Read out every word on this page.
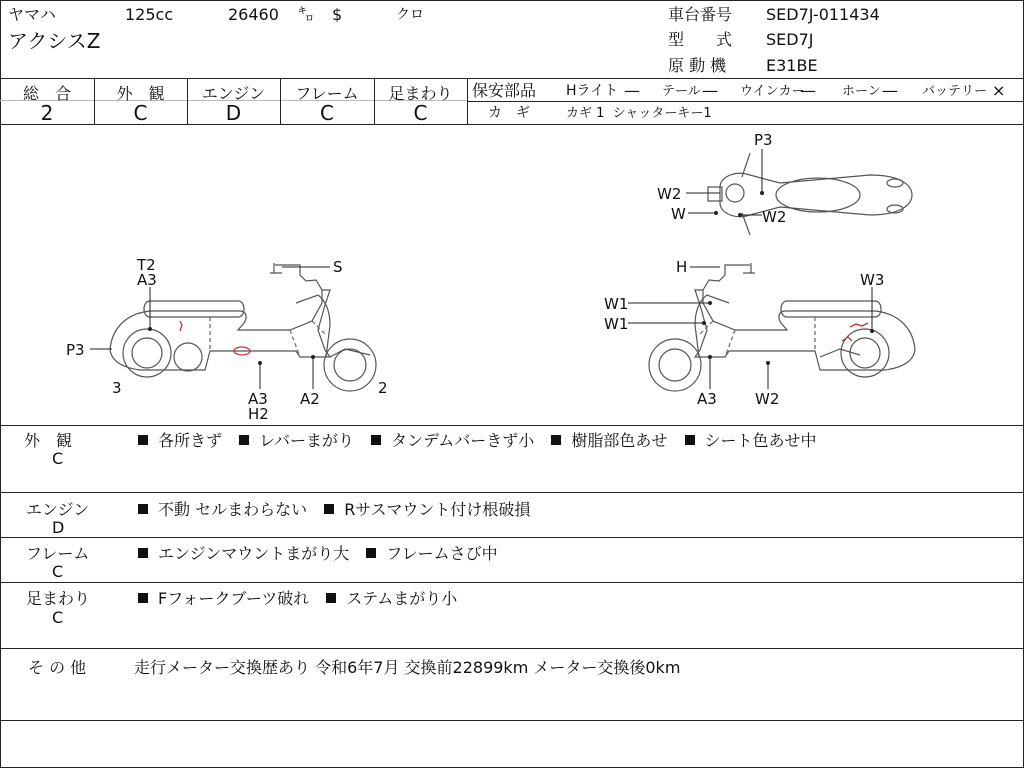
ヤマハ	125cc	26460 ㌔ $	クロ
アクシスZ
車台番号 SED7J-011434
型　　式 SED7J
原 動 機 E31BE
総　合
2
外　観
C
エンジン
D
フレーム
C
足まわり
C
保安部品 Hライト — テール — ウインカー
— ホーン — バッテリー ×
カ　ギ	カギ 1  シャッターキー1
T2
A3
S
P3
3
A3
H2
A2
2
H
W3
W1
W1
A3	W2
P3
W2
W	W2
外　観
C
各所きず レバーまがり タンデムバーきず小 樹脂部色あせ シート色あせ中
エンジン
D
不動 セルまわらない Rサスマウント付け根破損
フレーム
C
エンジンマウントまがり大 フレームさび中
足まわり
C
Fフォークブーツ破れ ステムまがり小
そ の 他	走行メーター交換歴あり 令和6年7月 交換前22899km メーター交換後0km
